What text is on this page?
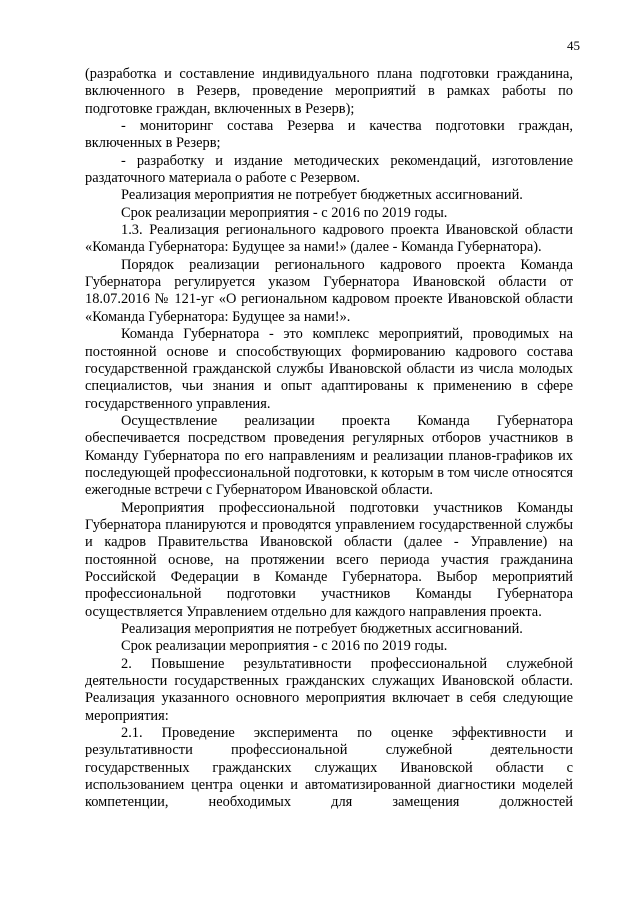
45

(разработка и составление индивидуального плана подготовки гражданина, включенного в Резерв, проведение мероприятий в рамках работы по подготовке граждан, включенных в Резерв);

- мониторинг состава Резерва и качества подготовки граждан, включенных в Резерв;

- разработку и издание методических рекомендаций, изготовление раздаточного материала о работе с Резервом.

Реализация мероприятия не потребует бюджетных ассигнований.

Срок реализации мероприятия - с 2016 по 2019 годы.

1.3. Реализация регионального кадрового проекта Ивановской области «Команда Губернатора: Будущее за нами!» (далее - Команда Губернатора).

Порядок реализации регионального кадрового проекта Команда Губернатора регулируется указом Губернатора Ивановской области от 18.07.2016 № 121-уг «О региональном кадровом проекте Ивановской области «Команда Губернатора: Будущее за нами!».

Команда Губернатора - это комплекс мероприятий, проводимых на постоянной основе и способствующих формированию кадрового состава государственной гражданской службы Ивановской области из числа молодых специалистов, чьи знания и опыт адаптированы к применению в сфере государственного управления.

Осуществление реализации проекта Команда Губернатора обеспечивается посредством проведения регулярных отборов участников в Команду Губернатора по его направлениям и реализации планов-графиков их последующей профессиональной подготовки, к которым в том числе относятся ежегодные встречи с Губернатором Ивановской области.

Мероприятия профессиональной подготовки участников Команды Губернатора планируются и проводятся управлением государственной службы и кадров Правительства Ивановской области (далее - Управление) на постоянной основе, на протяжении всего периода участия гражданина Российской Федерации в Команде Губернатора. Выбор мероприятий профессиональной подготовки участников Команды Губернатора осуществляется Управлением отдельно для каждого направления проекта.

Реализация мероприятия не потребует бюджетных ассигнований.

Срок реализации мероприятия - с 2016 по 2019 годы.

2. Повышение результативности профессиональной служебной деятельности государственных гражданских служащих Ивановской области. Реализация указанного основного мероприятия включает в себя следующие мероприятия:

2.1. Проведение эксперимента по оценке эффективности и результативности профессиональной служебной деятельности государственных гражданских служащих Ивановской области с использованием центра оценки и автоматизированной диагностики моделей компетенции, необходимых для замещения должностей
